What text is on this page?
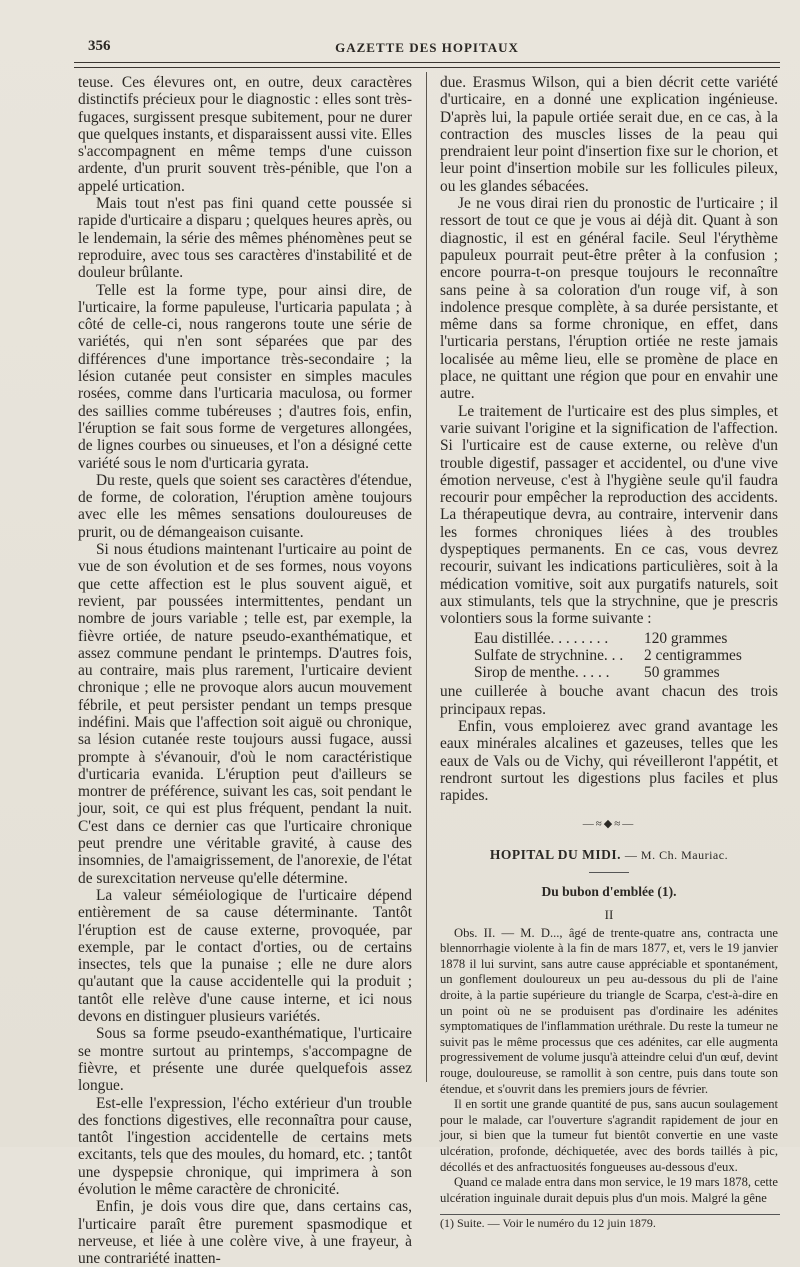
356	GAZETTE DES HOPITAUX

teuse. Ces élevures ont, en outre, deux caractères distinctifs précieux pour le diagnostic : elles sont très-fugaces, surgissent presque subitement, pour ne durer que quelques instants, et disparaissent aussi vite. Elles s'accompagnent en même temps d'une cuisson ardente, d'un prurit souvent très-pénible, que l'on a appelé urtication.

Mais tout n'est pas fini quand cette poussée si rapide d'urticaire a disparu ; quelques heures après, ou le lendemain, la série des mêmes phénomènes peut se reproduire, avec tous ses caractères d'instabilité et de douleur brûlante.

Telle est la forme type, pour ainsi dire, de l'urticaire, la forme papuleuse, l'urticaria papulata ; à côté de celle-ci, nous rangerons toute une série de variétés, qui n'en sont séparées que par des différences d'une importance très-secondaire ; la lésion cutanée peut consister en simples macules rosées, comme dans l'urticaria maculosa, ou former des saillies comme tubéreuses ; d'autres fois, enfin, l'éruption se fait sous forme de vergetures allongées, de lignes courbes ou sinueuses, et l'on a désigné cette variété sous le nom d'urticaria gyrata.

Du reste, quels que soient ses caractères d'étendue, de forme, de coloration, l'éruption amène toujours avec elle les mêmes sensations douloureuses de prurit, ou de démangeaison cuisante.

Si nous étudions maintenant l'urticaire au point de vue de son évolution et de ses formes, nous voyons que cette affection est le plus souvent aiguë, et revient, par poussées intermittentes, pendant un nombre de jours variable ; telle est, par exemple, la fièvre ortiée, de nature pseudo-exanthématique, et assez commune pendant le printemps. D'autres fois, au contraire, mais plus rarement, l'urticaire devient chronique ; elle ne provoque alors aucun mouvement fébrile, et peut persister pendant un temps presque indéfini. Mais que l'affection soit aiguë ou chronique, sa lésion cutanée reste toujours aussi fugace, aussi prompte à s'évanouir, d'où le nom caractéristique d'urticaria evanida. L'éruption peut d'ailleurs se montrer de préférence, suivant les cas, soit pendant le jour, soit, ce qui est plus fréquent, pendant la nuit. C'est dans ce dernier cas que l'urticaire chronique peut prendre une véritable gravité, à cause des insomnies, de l'amaigrissement, de l'anorexie, de l'état de surexcitation nerveuse qu'elle détermine.

La valeur séméiologique de l'urticaire dépend entièrement de sa cause déterminante. Tantôt l'éruption est de cause externe, provoquée, par exemple, par le contact d'orties, ou de certains insectes, tels que la punaise ; elle ne dure alors qu'autant que la cause accidentelle qui la produit ; tantôt elle relève d'une cause interne, et ici nous devons en distinguer plusieurs variétés.

Sous sa forme pseudo-exanthématique, l'urticaire se montre surtout au printemps, s'accompagne de fièvre, et présente une durée quelquefois assez longue.

Est-elle l'expression, l'écho extérieur d'un trouble des fonctions digestives, elle reconnaîtra pour cause, tantôt l'ingestion accidentelle de certains mets excitants, tels que des moules, du homard, etc. ; tantôt une dyspepsie chronique, qui imprimera à son évolution le même caractère de chronicité.

Enfin, je dois vous dire que, dans certains cas, l'urticaire paraît être purement spasmodique et nerveuse, et liée à une colère vive, à une frayeur, à une contrariété inatten-

due. Erasmus Wilson, qui a bien décrit cette variété d'urticaire, en a donné une explication ingénieuse. D'après lui, la papule ortiée serait due, en ce cas, à la contraction des muscles lisses de la peau qui prendraient leur point d'insertion fixe sur le chorion, et leur point d'insertion mobile sur les follicules pileux, ou les glandes sébacées.

Je ne vous dirai rien du pronostic de l'urticaire ; il ressort de tout ce que je vous ai déjà dit. Quant à son diagnostic, il est en général facile. Seul l'érythème papuleux pourrait peut-être prêter à la confusion ; encore pourra-t-on presque toujours le reconnaître sans peine à sa coloration d'un rouge vif, à son indolence presque complète, à sa durée persistante, et même dans sa forme chronique, en effet, dans l'urticaria perstans, l'éruption ortiée ne reste jamais localisée au même lieu, elle se promène de place en place, ne quittant une région que pour en envahir une autre.

Le traitement de l'urticaire est des plus simples, et varie suivant l'origine et la signification de l'affection. Si l'urticaire est de cause externe, ou relève d'un trouble digestif, passager et accidentel, ou d'une vive émotion nerveuse, c'est à l'hygiène seule qu'il faudra recourir pour empêcher la reproduction des accidents. La thérapeutique devra, au contraire, intervenir dans les formes chroniques liées à des troubles dyspeptiques permanents. En ce cas, vous devrez recourir, suivant les indications particulières, soit à la médication vomitive, soit aux purgatifs naturels, soit aux stimulants, tels que la strychnine, que je prescris volontiers sous la forme suivante :

Eau distillée. . . . . . . .	120 grammes
Sulfate de strychnine. . .	2 centigrammes
Sirop de menthe. . . . .	50 grammes

une cuillerée à bouche avant chacun des trois principaux repas.

Enfin, vous emploierez avec grand avantage les eaux minérales alcalines et gazeuses, telles que les eaux de Vals ou de Vichy, qui réveilleront l'appétit, et rendront surtout les digestions plus faciles et plus rapides.

—≈◆≈—
HOPITAL DU MIDI. — M. Ch. Mauriac.
Du bubon d'emblée (1).
II

Obs. II. — M. D..., âgé de trente-quatre ans, contracta une blennorrhagie violente à la fin de mars 1877, et, vers le 19 janvier 1878 il lui survint, sans autre cause appréciable et spontanément, un gonflement douloureux un peu au-dessous du pli de l'aine droite, à la partie supérieure du triangle de Scarpa, c'est-à-dire en un point où ne se produisent pas d'ordinaire les adénites symptomatiques de l'inflammation uréthrale. Du reste la tumeur ne suivit pas le même processus que ces adénites, car elle augmenta progressivement de volume jusqu'à atteindre celui d'un œuf, devint rouge, douloureuse, se ramollit à son centre, puis dans toute son étendue, et s'ouvrit dans les premiers jours de février.

Il en sortit une grande quantité de pus, sans aucun soulagement pour le malade, car l'ouverture s'agrandit rapidement de jour en jour, si bien que la tumeur fut bientôt convertie en une vaste ulcération, profonde, déchiquetée, avec des bords taillés à pic, décollés et des anfractuosités fongueuses au-dessous d'eux.

Quand ce malade entra dans mon service, le 19 mars 1878, cette ulcération inguinale durait depuis plus d'un mois. Malgré la gêne

(1) Suite. — Voir le numéro du 12 juin 1879.
